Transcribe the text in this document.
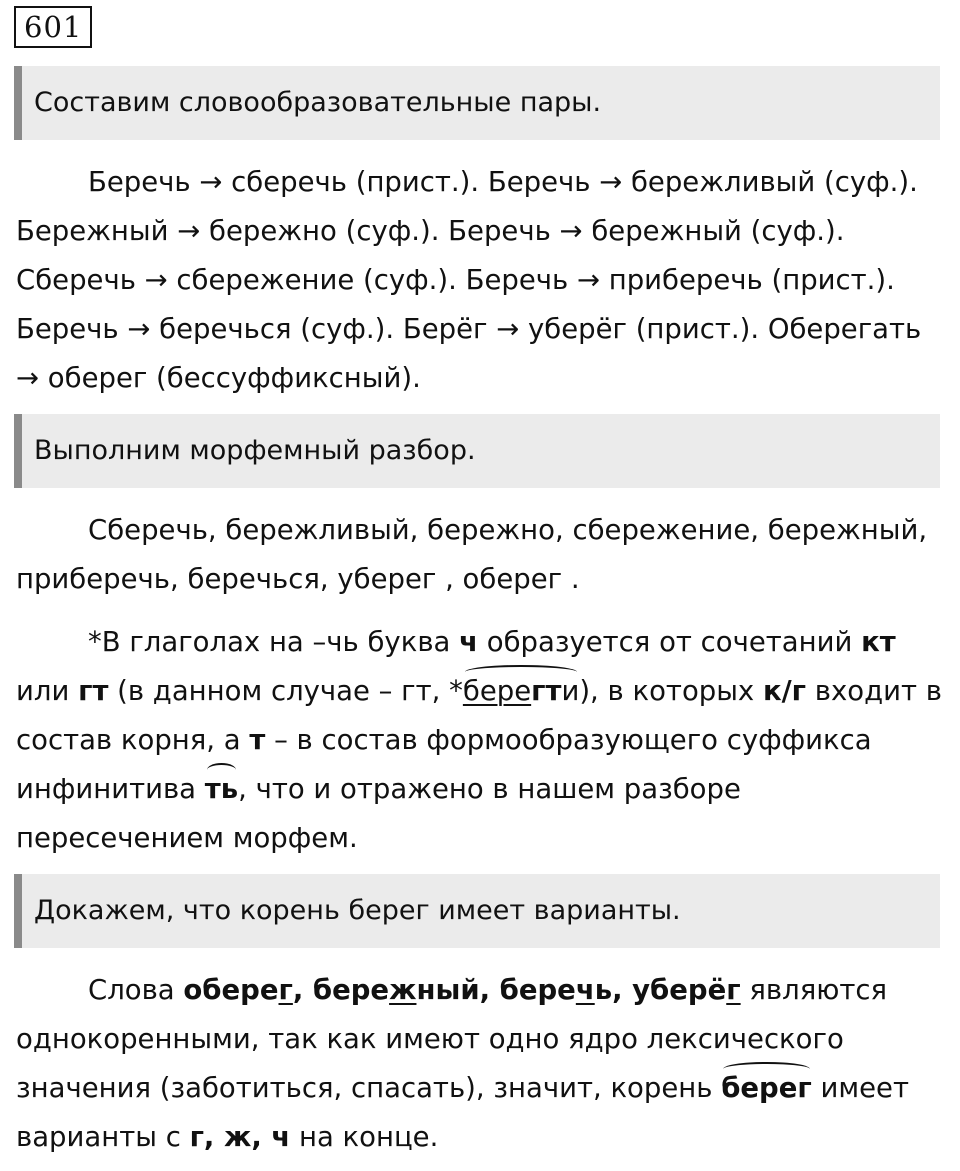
601
Составим словообразовательные пары.

Беречь → сберечь (прист.). Беречь → бережливый (суф.). Бережный → бережно (суф.). Беречь → бережный (суф.). Сберечь → сбережение (суф.). Беречь → приберечь (прист.). Беречь → беречься (суф.). Берёг → уберёг (прист.). Оберегать → оберег (бессуффиксный).

Выполним морфемный разбор.

Сберечь, бережливый, бережно, сбережение, бережный, приберечь, беречься, уберег , оберег .

*В глаголах на –чь буква ч образуется от сочетаний кт или гт (в данном случае – гт, *берегти), в которых к/г входит в состав корня, а т – в состав формообразующего суффикса инфинитива ть, что и отражено в нашем разборе пересечением морфем.

Докажем, что корень берег имеет варианты.

Слова оберег, бережный, беречь, уберёг являются однокоренными, так как имеют одно ядро лексического значения (заботиться, спасать), значит, корень берег имеет варианты с г, ж, ч на конце.
